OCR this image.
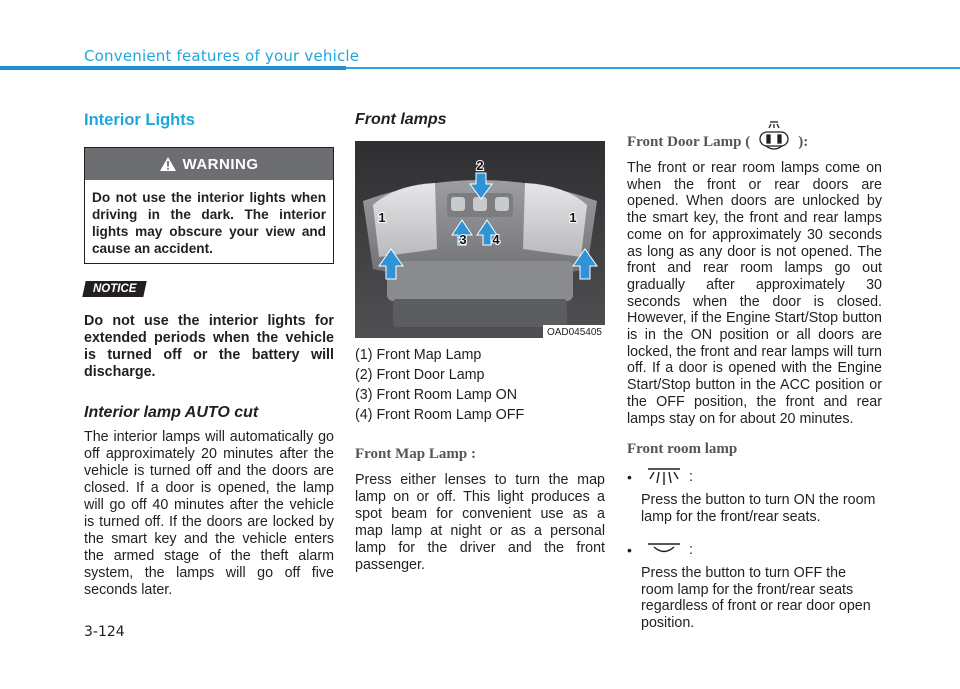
Convenient features of your vehicle
Interior Lights
WARNING
Do not use the interior lights when driving in the dark. The interior lights may obscure your view and cause an accident.
NOTICE

Do not use the interior lights for extended periods when the vehicle is turned off or the battery will discharge.

Interior lamp AUTO cut

The interior lamps will automatically go off approximately 20 minutes after the vehicle is turned off and the doors are closed. If a door is opened, the lamp will go off 40 minutes after the vehicle is turned off. If the doors are locked by the smart key and the vehicle enters the armed stage of the theft alarm system, the lamps will go off five seconds later.

Front lamps
1
2
3 4
1
OAD045405

(1) Front Map Lamp

(2) Front Door Lamp

(3) Front Room Lamp ON

(4) Front Room Lamp OFF

Front Map Lamp :

Press either lenses to turn the map lamp on or off. This light produces a spot beam for convenient use as a map lamp at night or as a personal lamp for the driver and the front passenger.

Front Door Lamp (	):

The front or rear room lamps come on when the front or rear doors are opened. When doors are unlocked by the smart key, the front and rear lamps come on for approximately 30 seconds as long as any door is not opened. The front and rear room lamps go out gradually after approximately 30 seconds when the door is closed. However, if the Engine Start/Stop button is in the ON position or all doors are locked, the front and rear lamps will turn off. If a door is opened with the Engine Start/Stop button in the ACC position or the OFF position, the front and rear lamps stay on for about 20 minutes.

Front room lamp
•	:

Press the button to turn ON the room lamp for the front/rear seats.

•	:

Press the button to turn OFF the room lamp for the front/rear seats regardless of front or rear door open position.

3-124
